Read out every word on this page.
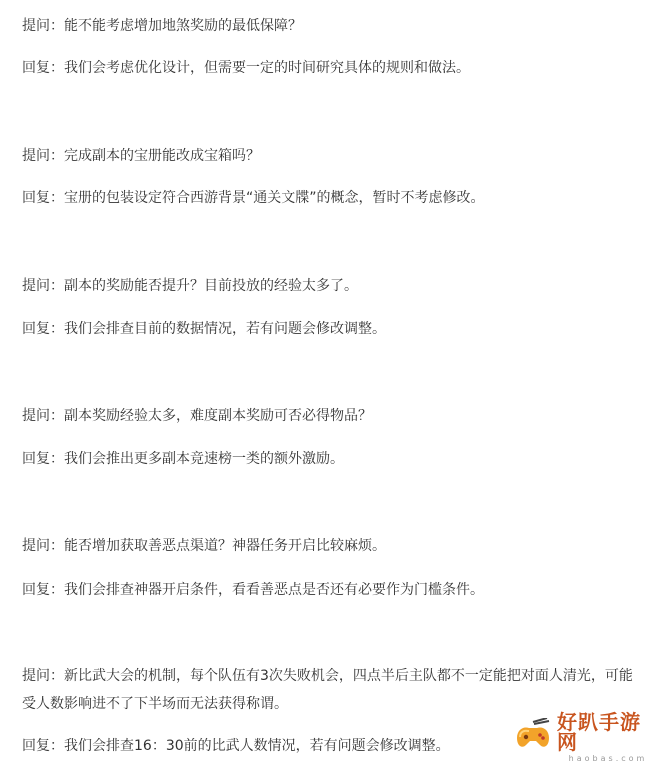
提问：能不能考虑增加地煞奖励的最低保障？

回复：我们会考虑优化设计，但需要一定的时间研究具体的规则和做法。

提问：完成副本的宝册能改成宝箱吗？

回复：宝册的包装设定符合西游背景“通关文牒”的概念，暂时不考虑修改。

提问：副本的奖励能否提升？目前投放的经验太多了。

回复：我们会排查目前的数据情况，若有问题会修改调整。

提问：副本奖励经验太多，难度副本奖励可否必得物品？

回复：我们会推出更多副本竞速榜一类的额外激励。

提问：能否增加获取善恶点渠道？神器任务开启比较麻烦。

回复：我们会排查神器开启条件，看看善恶点是否还有必要作为门槛条件。

提问：新比武大会的机制，每个队伍有3次失败机会，四点半后主队都不一定能把对面人清光，可能受人数影响进不了下半场而无法获得称谓。

回复：我们会排查16：30前的比武人数情况，若有问题会修改调整。

好趴手游网
haobas.com
